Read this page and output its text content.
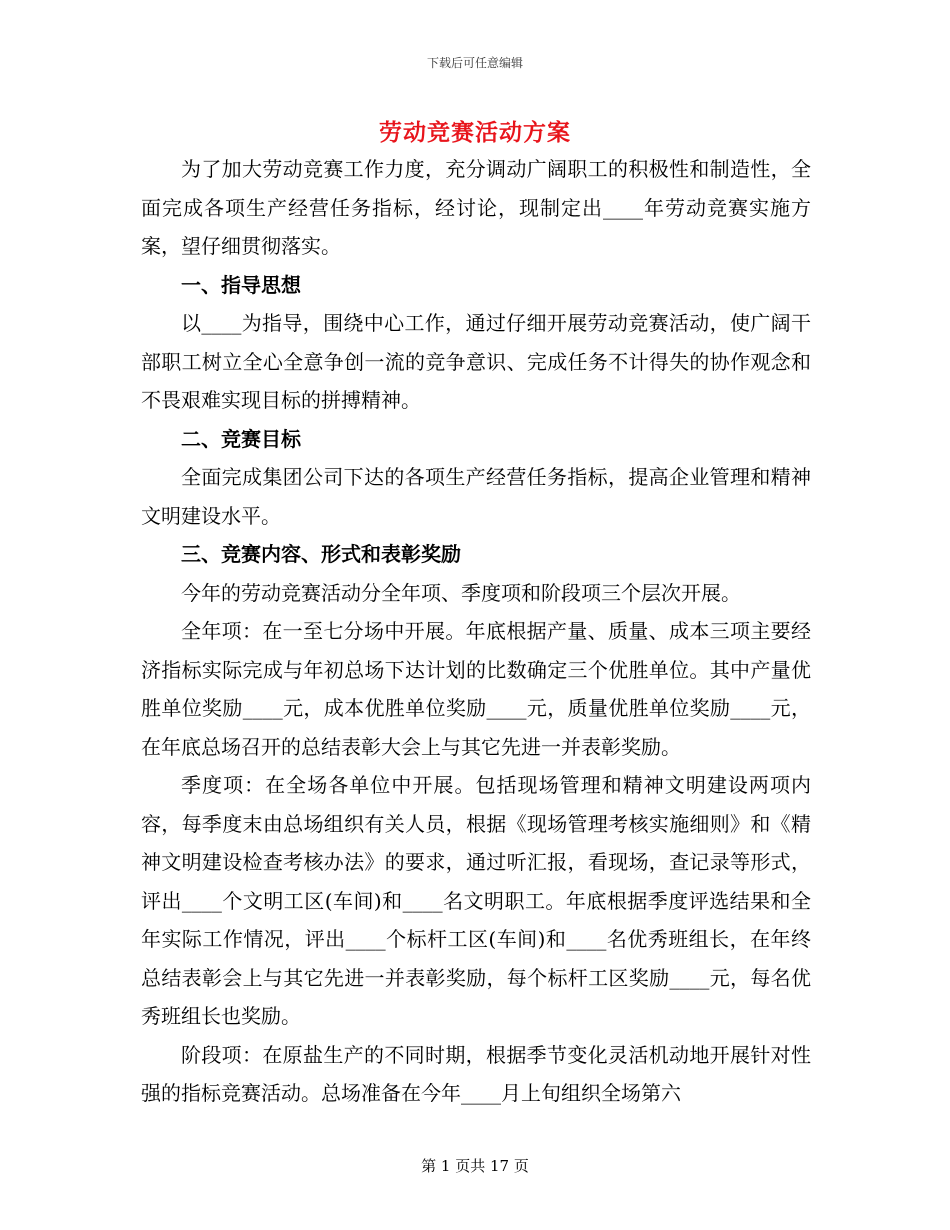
下载后可任意编辑
劳动竞赛活动方案

为了加大劳动竞赛工作力度，充分调动广阔职工的积极性和制造性，全面完成各项生产经营任务指标，经讨论，现制定出____年劳动竞赛实施方案，望仔细贯彻落实。

一、指导思想

以____为指导，围绕中心工作，通过仔细开展劳动竞赛活动，使广阔干部职工树立全心全意争创一流的竞争意识、完成任务不计得失的协作观念和不畏艰难实现目标的拼搏精神。

二、竞赛目标

全面完成集团公司下达的各项生产经营任务指标，提高企业管理和精神文明建设水平。

三、竞赛内容、形式和表彰奖励

今年的劳动竞赛活动分全年项、季度项和阶段项三个层次开展。

全年项：在一至七分场中开展。年底根据产量、质量、成本三项主要经济指标实际完成与年初总场下达计划的比数确定三个优胜单位。其中产量优胜单位奖励____元，成本优胜单位奖励____元，质量优胜单位奖励____元，在年底总场召开的总结表彰大会上与其它先进一并表彰奖励。

季度项：在全场各单位中开展。包括现场管理和精神文明建设两项内容，每季度末由总场组织有关人员，根据《现场管理考核实施细则》和《精神文明建设检查考核办法》的要求，通过听汇报，看现场，查记录等形式，评出____个文明工区(车间)和____名文明职工。年底根据季度评选结果和全年实际工作情况，评出____个标杆工区(车间)和____名优秀班组长，在年终总结表彰会上与其它先进一并表彰奖励，每个标杆工区奖励____元，每名优秀班组长也奖励。

阶段项：在原盐生产的不同时期，根据季节变化灵活机动地开展针对性强的指标竞赛活动。总场准备在今年____月上旬组织全场第六

第 1 页共 17 页
